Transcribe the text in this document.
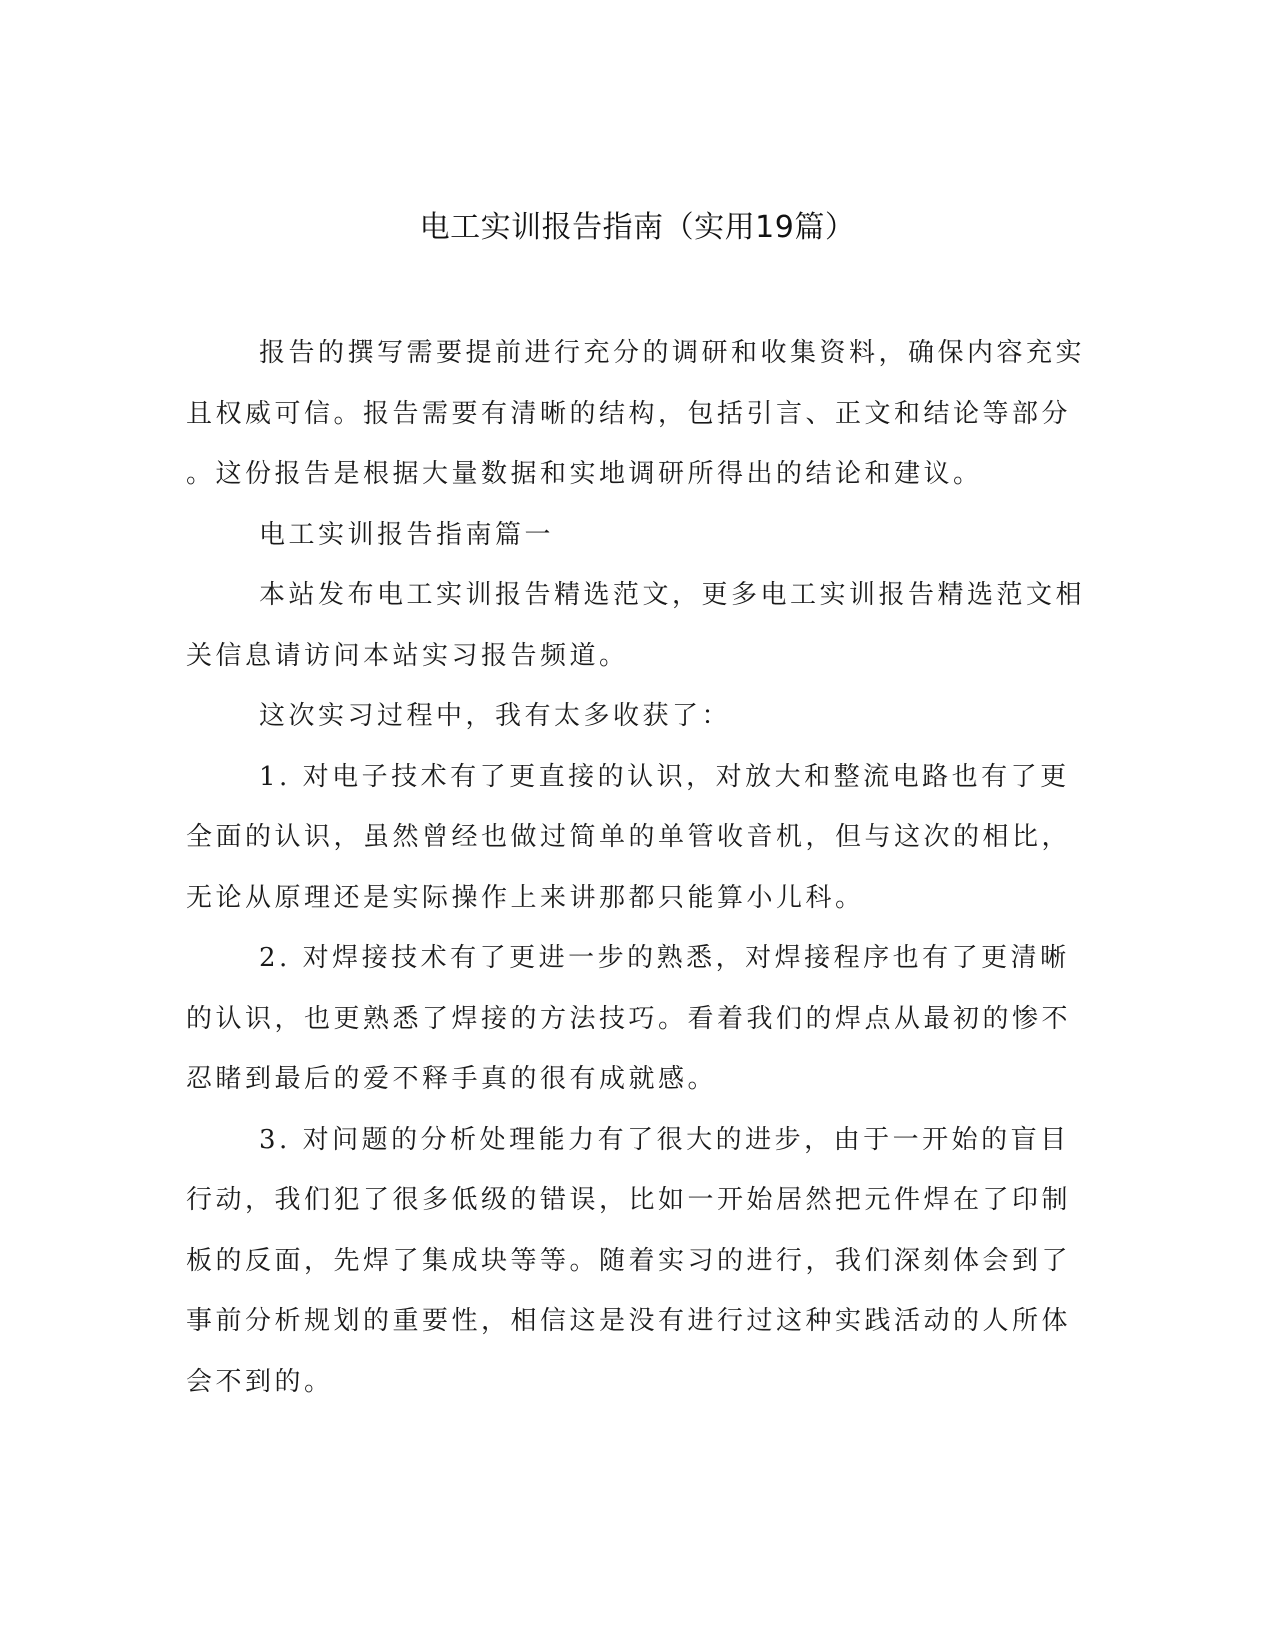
电工实训报告指南（实用19篇）
报告的撰写需要提前进行充分的调研和收集资料，确保内容充实
且权威可信。报告需要有清晰的结构，包括引言、正文和结论等部分
。这份报告是根据大量数据和实地调研所得出的结论和建议。
电工实训报告指南篇一
本站发布电工实训报告精选范文，更多电工实训报告精选范文相
关信息请访问本站实习报告频道。
这次实习过程中，我有太多收获了：
1. 对电子技术有了更直接的认识，对放大和整流电路也有了更
全面的认识，虽然曾经也做过简单的单管收音机，但与这次的相比，
无论从原理还是实际操作上来讲那都只能算小儿科。
2. 对焊接技术有了更进一步的熟悉，对焊接程序也有了更清晰
的认识，也更熟悉了焊接的方法技巧。看着我们的焊点从最初的惨不
忍睹到最后的爱不释手真的很有成就感。
3. 对问题的分析处理能力有了很大的进步，由于一开始的盲目
行动，我们犯了很多低级的错误，比如一开始居然把元件焊在了印制
板的反面，先焊了集成块等等。随着实习的进行，我们深刻体会到了
事前分析规划的重要性，相信这是没有进行过这种实践活动的人所体
会不到的。
